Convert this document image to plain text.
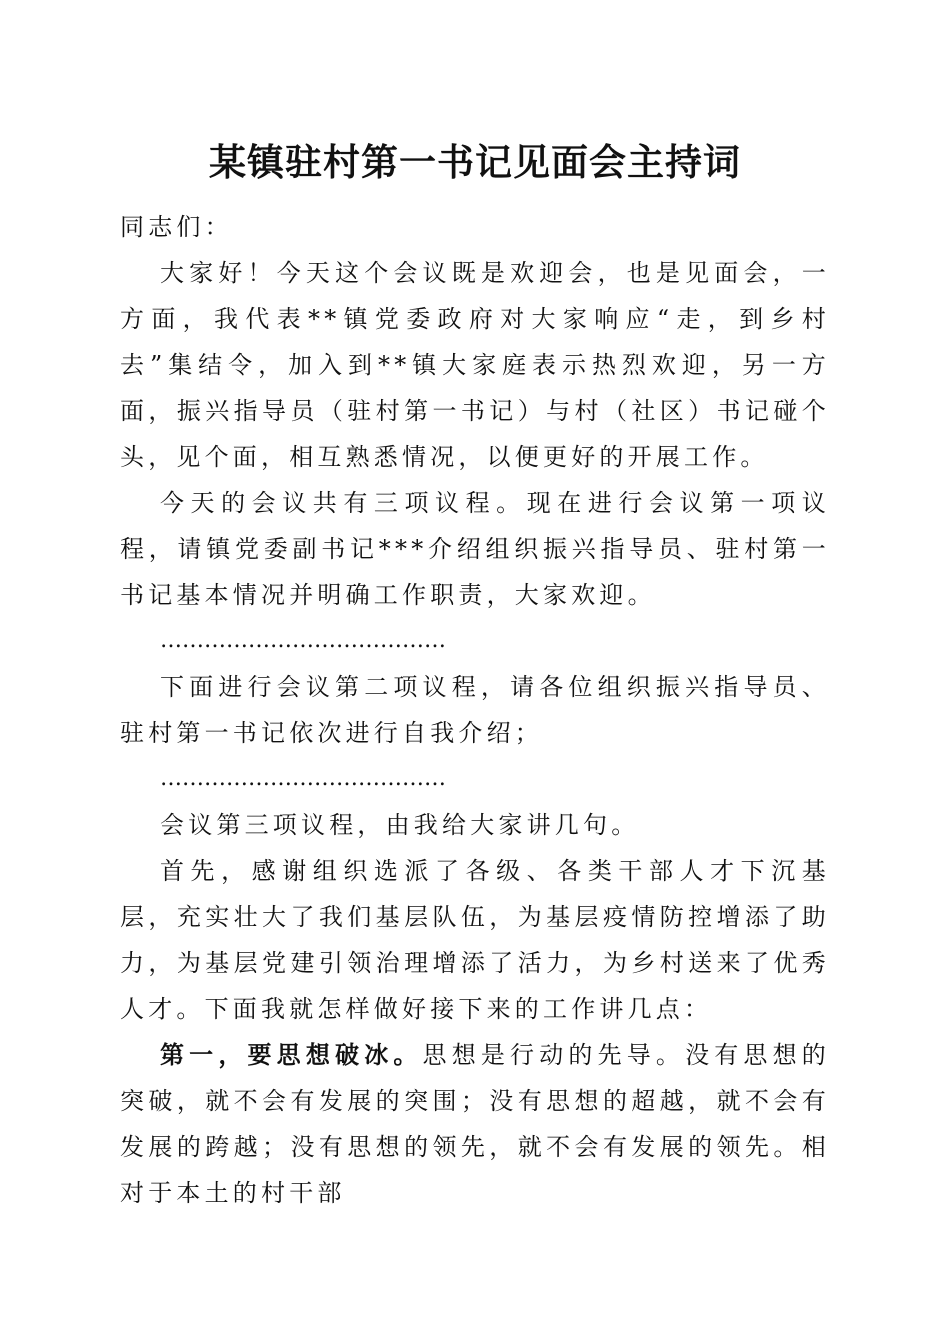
某镇驻村第一书记见面会主持词

同志们：

大家好！今天这个会议既是欢迎会，也是见面会，一方面，我代表**镇党委政府对大家响应“走，到乡村去”集结令，加入到**镇大家庭表示热烈欢迎，另一方面，振兴指导员（驻村第一书记）与村（社区）书记碰个头，见个面，相互熟悉情况，以便更好的开展工作。

今天的会议共有三项议程。现在进行会议第一项议程，请镇党委副书记***介绍组织振兴指导员、驻村第一书记基本情况并明确工作职责，大家欢迎。

…………………………………

下面进行会议第二项议程，请各位组织振兴指导员、驻村第一书记依次进行自我介绍；

…………………………………

会议第三项议程，由我给大家讲几句。

首先，感谢组织选派了各级、各类干部人才下沉基层，充实壮大了我们基层队伍，为基层疫情防控增添了助力，为基层党建引领治理增添了活力，为乡村送来了优秀人才。下面我就怎样做好接下来的工作讲几点：

第一，要思想破冰。思想是行动的先导。没有思想的突破，就不会有发展的突围；没有思想的超越，就不会有发展的跨越；没有思想的领先，就不会有发展的领先。相对于本土的村干部
